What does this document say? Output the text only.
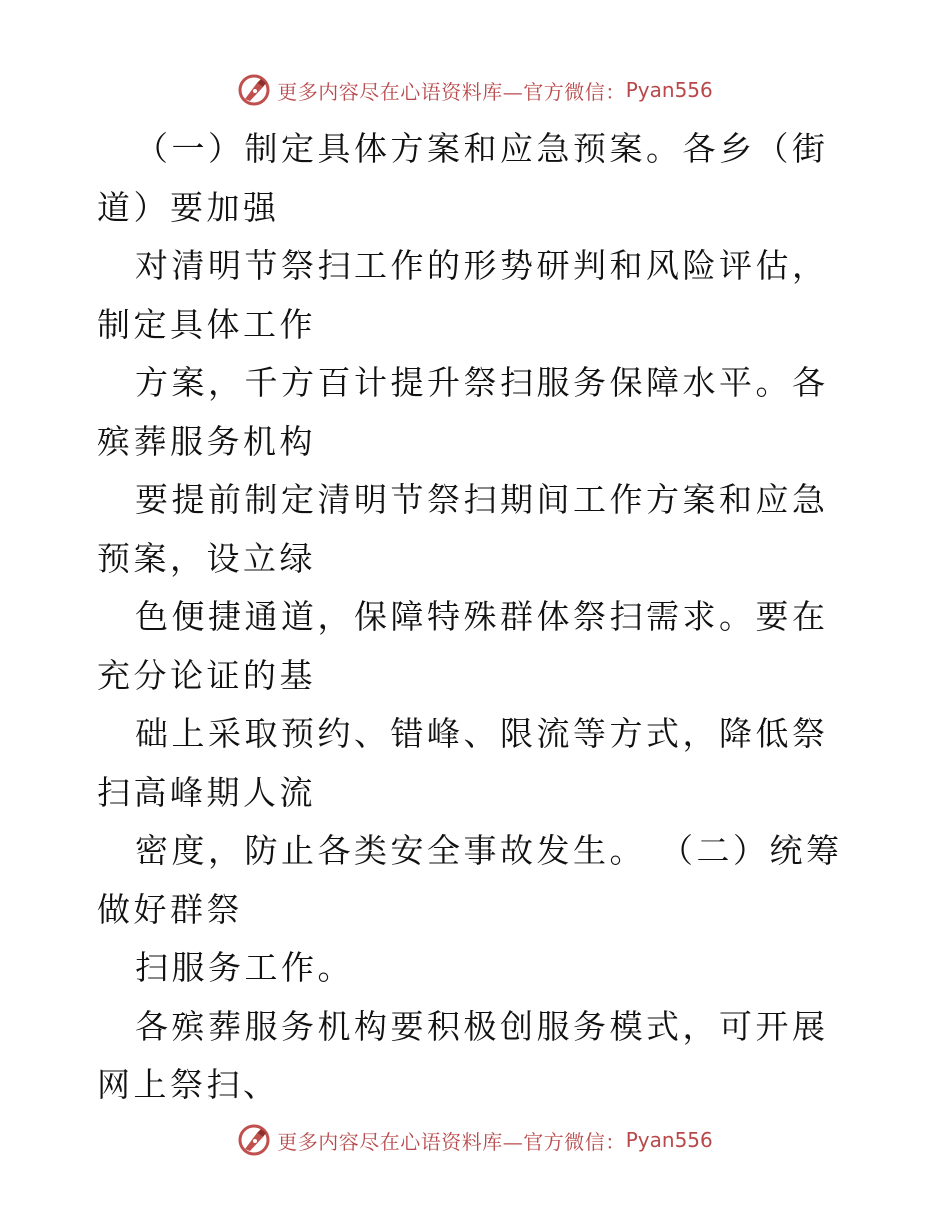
更多内容尽在心语资料库—官方微信： Pyan556

（一）制定具体方案和应急预案。各乡（街道）要加强

对清明节祭扫工作的形势研判和风险评估，制定具体工作

方案，千方百计提升祭扫服务保障水平。各殡葬服务机构

要提前制定清明节祭扫期间工作方案和应急预案，设立绿

色便捷通道，保障特殊群体祭扫需求。要在充分论证的基

础上采取预约、错峰、限流等方式，降低祭扫高峰期人流

密度，防止各类安全事故发生。 （二）统筹做好群祭

扫服务工作。

各殡葬服务机构要积极创服务模式，可开展网上祭扫、

更多内容尽在心语资料库—官方微信： Pyan556
